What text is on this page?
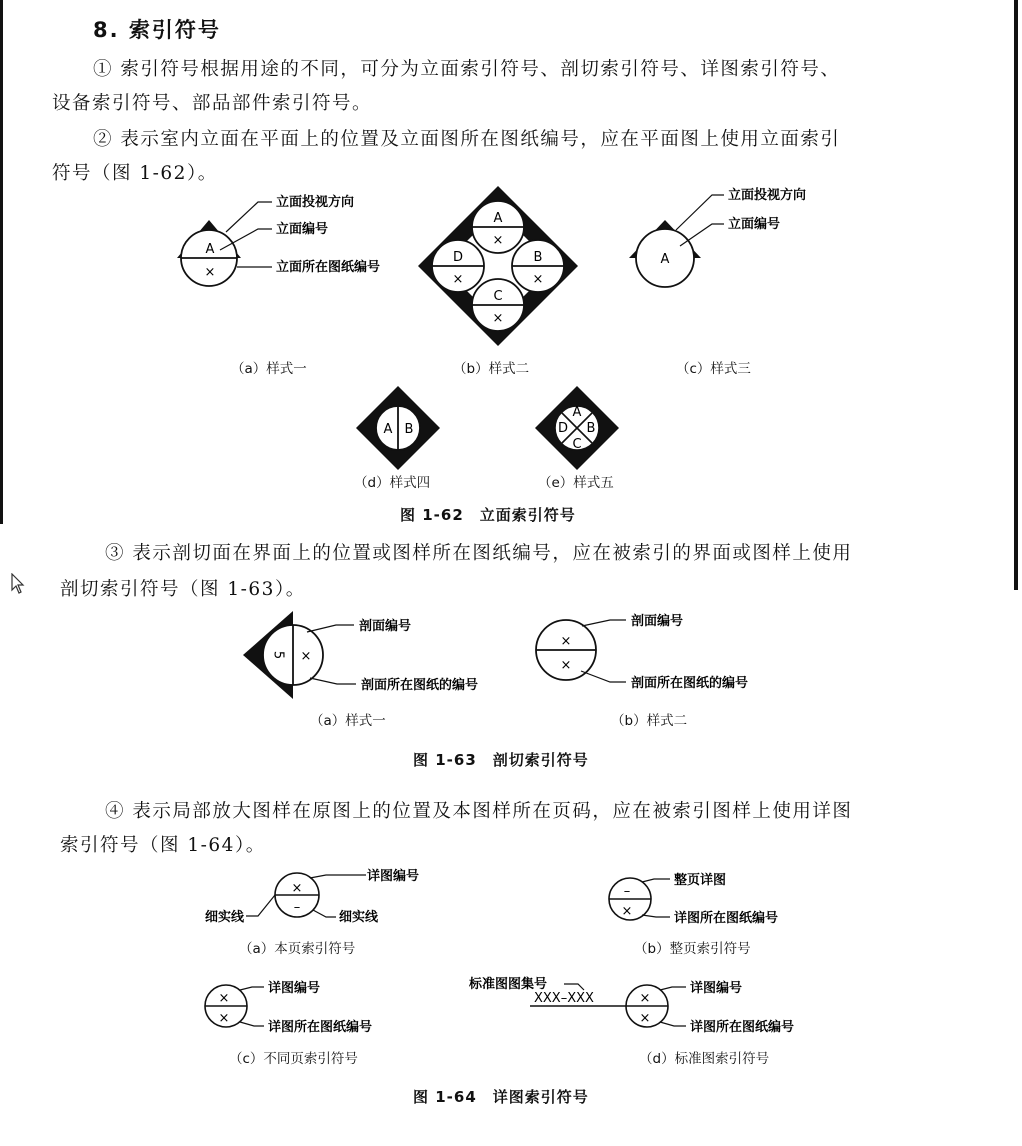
8. 索引符号
① 索引符号根据用途的不同，可分为立面索引符号、剖切索引符号、详图索引符号、
设备索引符号、部品部件索引符号。
② 表示室内立面在平面上的位置及立面图所在图纸编号，应在平面图上使用立面索引
符号（图 1-62）。
A
×
立面投视方向
立面编号
立面所在图纸编号
A
×
B
×
C
×
D
×
A
立面投视方向
立面编号
A B
A
B
C
D
（a）样式一	（b）样式二	（c）样式三
（d）样式四	（e）样式五
图 1-62　立面索引符号
③ 表示剖切面在界面上的位置或图样所在图纸编号，应在被索引的界面或图样上使用
剖切索引符号（图 1-63）。
5 ×
剖面编号
剖面所在图纸的编号
×
×
剖面编号
剖面所在图纸的编号
（a）样式一	（b）样式二
图 1-63　剖切索引符号
④ 表示局部放大图样在原图上的位置及本图样所在页码，应在被索引图样上使用详图
索引符号（图 1-64）。
×
–
详图编号
细实线	细实线
–
×
整页详图
详图所在图纸编号
×
×
详图编号
详图所在图纸编号
标准图图集号
XXX–XXX	×
×
详图编号
详图所在图纸编号
（a）本页索引符号	（b）整页索引符号
（c）不同页索引符号	（d）标准图索引符号
图 1-64　详图索引符号
